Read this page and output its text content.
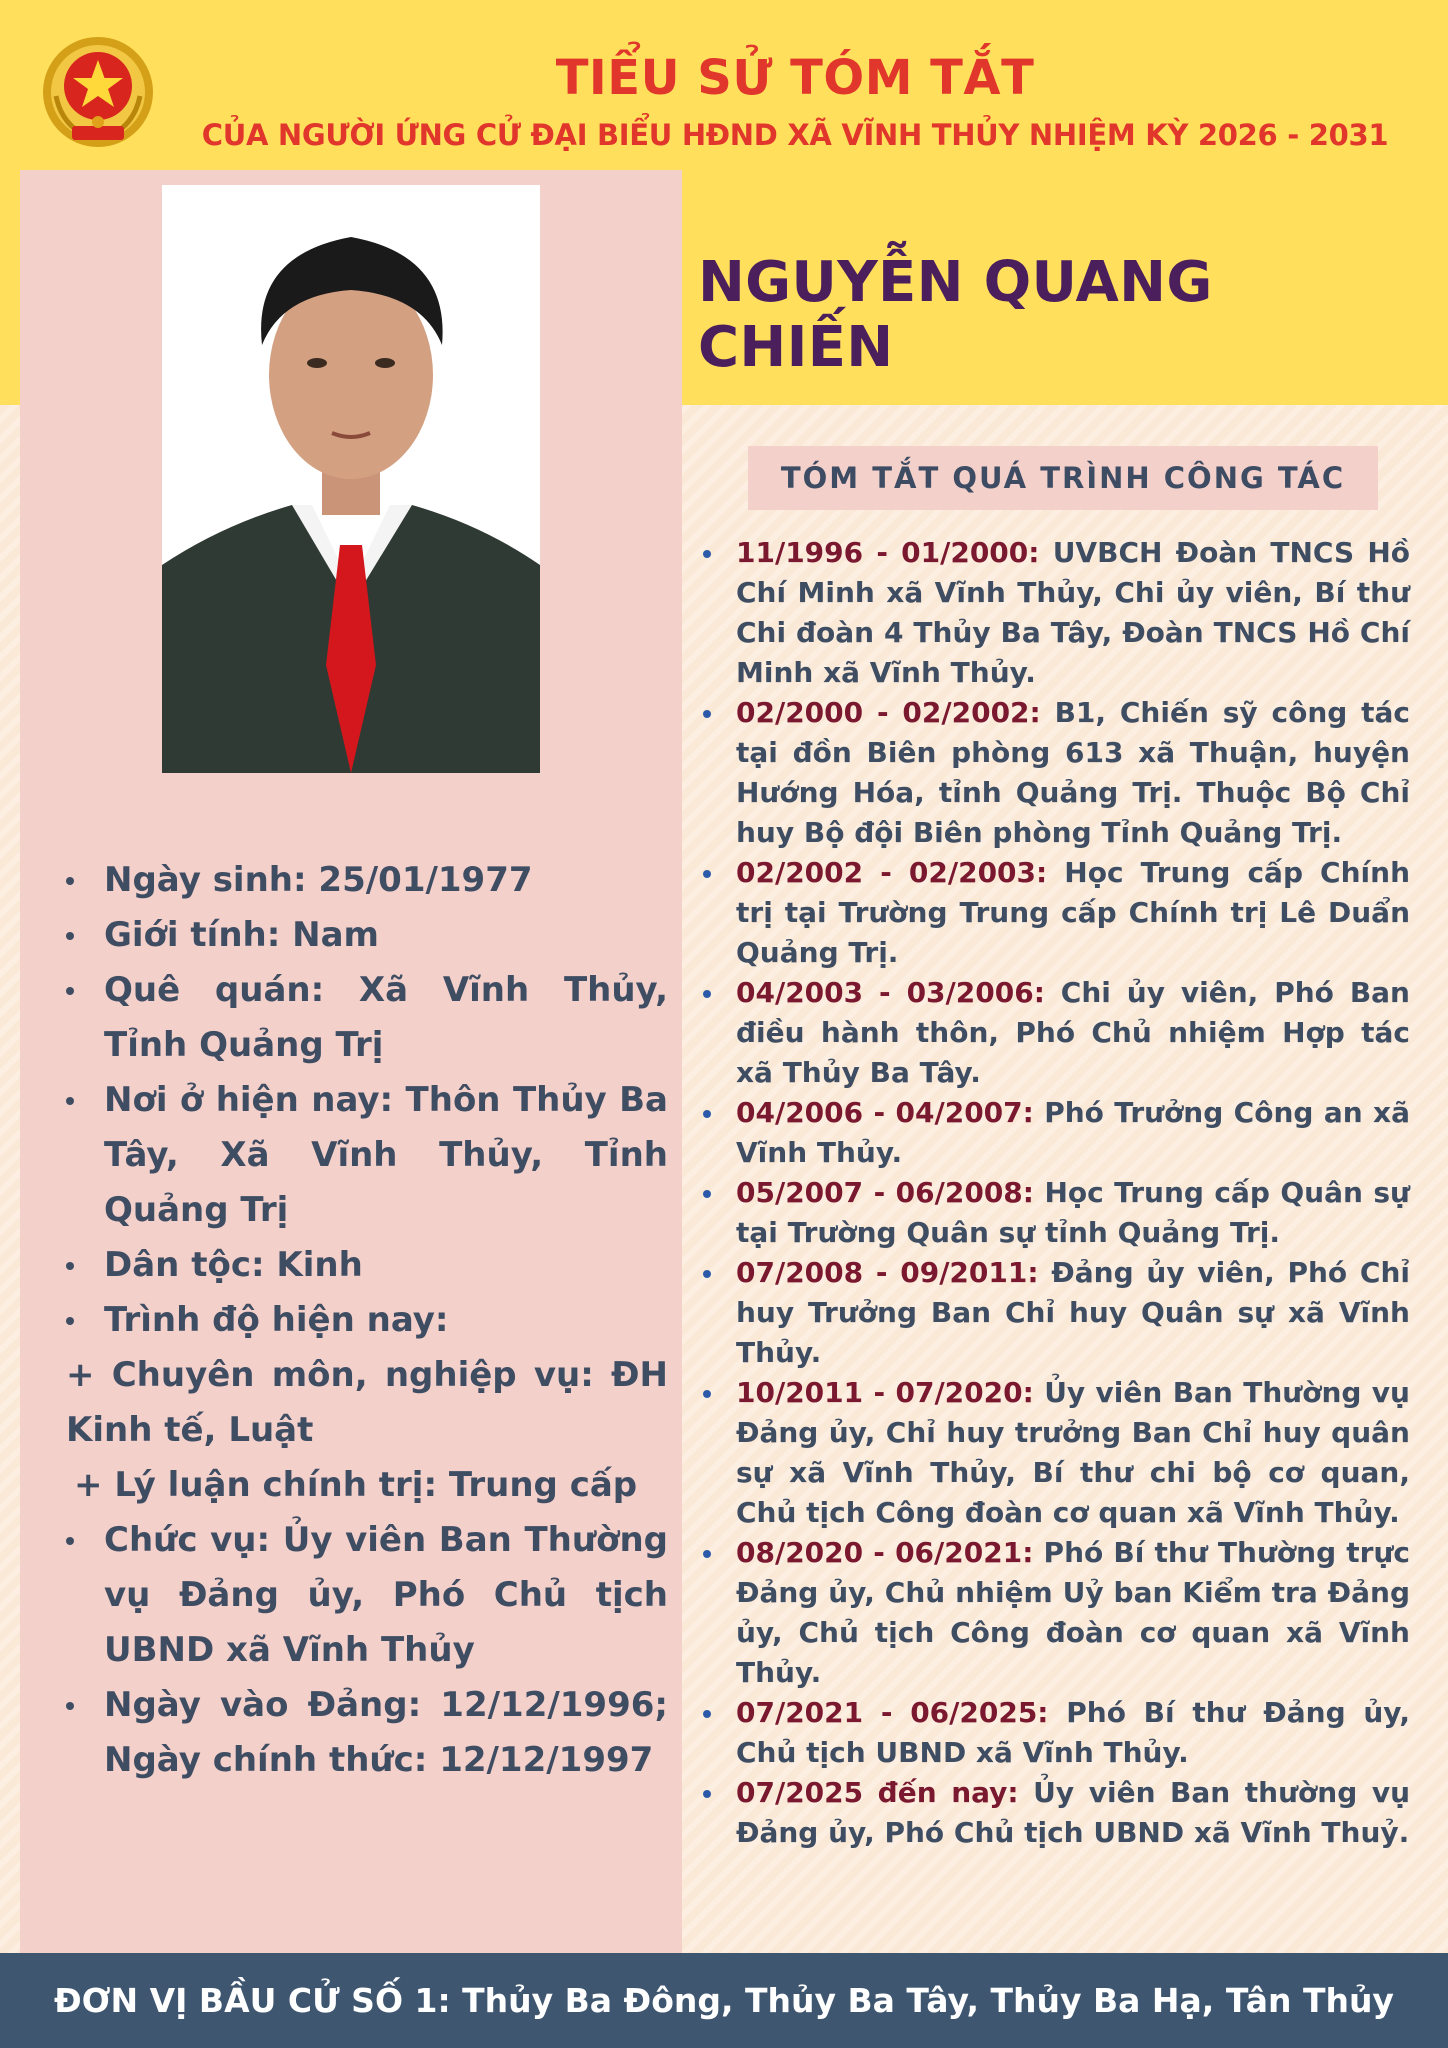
TIỂU SỬ TÓM TẮT
CỦA NGƯỜI ỨNG CỬ ĐẠI BIỂU HĐND XÃ VĨNH THỦY NHIỆM KỲ 2026 - 2031
NGUYỄN QUANG CHIẾN
TÓM TẮT QUÁ TRÌNH CÔNG TÁC
Ngày sinh: 25/01/1977
Giới tính: Nam
Quê quán: Xã Vĩnh Thủy, Tỉnh Quảng Trị
Nơi ở hiện nay: Thôn Thủy Ba Tây, Xã Vĩnh Thủy, Tỉnh Quảng Trị
Dân tộc: Kinh
Trình độ hiện nay:
+ Chuyên môn, nghiệp vụ: ĐH Kinh tế, Luật
+ Lý luận chính trị: Trung cấp
Chức vụ: Ủy viên Ban Thường vụ Đảng ủy, Phó Chủ tịch UBND xã Vĩnh Thủy
Ngày vào Đảng: 12/12/1996; Ngày chính thức: 12/12/1997
11/1996 - 01/2000: UVBCH Đoàn TNCS Hồ Chí Minh xã Vĩnh Thủy, Chi ủy viên, Bí thư Chi đoàn 4 Thủy Ba Tây, Đoàn TNCS Hồ Chí Minh xã Vĩnh Thủy.
02/2000 - 02/2002: B1, Chiến sỹ công tác tại đồn Biên phòng 613 xã Thuận, huyện Hướng Hóa, tỉnh Quảng Trị. Thuộc Bộ Chỉ huy Bộ đội Biên phòng Tỉnh Quảng Trị.
02/2002 - 02/2003: Học Trung cấp Chính trị tại Trường Trung cấp Chính trị Lê Duẩn Quảng Trị.
04/2003 - 03/2006: Chi ủy viên, Phó Ban điều hành thôn, Phó Chủ nhiệm Hợp tác xã Thủy Ba Tây.
04/2006 - 04/2007: Phó Trưởng Công an xã Vĩnh Thủy.
05/2007 - 06/2008: Học Trung cấp Quân sự tại Trường Quân sự tỉnh Quảng Trị.
07/2008 - 09/2011: Đảng ủy viên, Phó Chỉ huy Trưởng Ban Chỉ huy Quân sự xã Vĩnh Thủy.
10/2011 - 07/2020: Ủy viên Ban Thường vụ Đảng ủy, Chỉ huy trưởng Ban Chỉ huy quân sự xã Vĩnh Thủy, Bí thư chi bộ cơ quan, Chủ tịch Công đoàn cơ quan xã Vĩnh Thủy.
08/2020 - 06/2021: Phó Bí thư Thường trực Đảng ủy, Chủ nhiệm Uỷ ban Kiểm tra Đảng ủy, Chủ tịch Công đoàn cơ quan xã Vĩnh Thủy.
07/2021 - 06/2025: Phó Bí thư Đảng ủy, Chủ tịch UBND xã Vĩnh Thủy.
07/2025 đến nay: Ủy viên Ban thường vụ Đảng ủy, Phó Chủ tịch UBND xã Vĩnh Thuỷ.
ĐƠN VỊ BẦU CỬ SỐ 1: Thủy Ba Đông, Thủy Ba Tây, Thủy Ba Hạ, Tân Thủy
